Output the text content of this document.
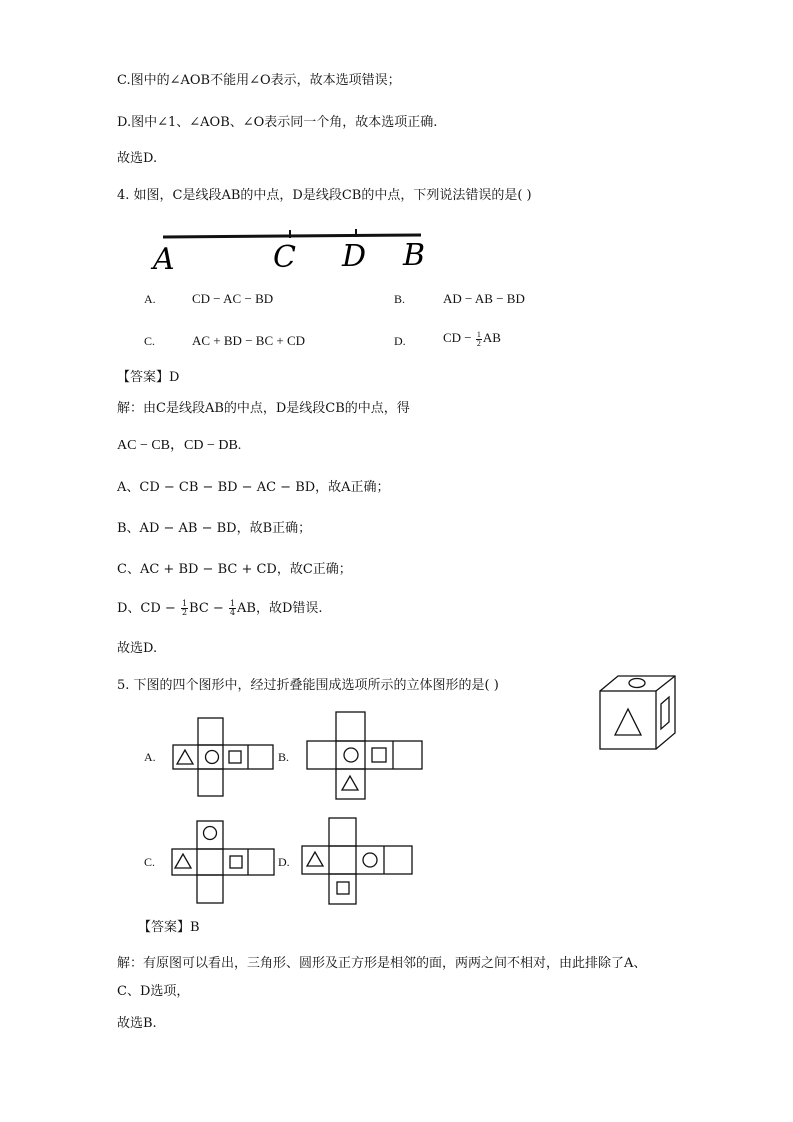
C.图中的∠AOB不能用∠O表示，故本选项错误；
D.图中∠1、∠AOB、∠O表示同一个角，故本选项正确.
故选D.
4. 如图，C是线段AB的中点，D是线段CB的中点，下列说法错误的是( )
A	C D B
A.	CD − AC − BD	B.	AD − AB − BD
C.	AC + BD − BC + CD	D.	CD − $\frac{1}{2}$ AB
【答案】D
解：由C是线段AB的中点，D是线段CB的中点，得
AC − CB，CD − DB.
A、CD − CB − BD − AC − BD，故A正确；
B、AD − AB − BD，故B正确；
C、AC + BD − BC + CD，故C正确；
D、CD − $\frac{1}{2}$ BC − $\frac{1}{4}$ AB，故D错误.
故选D.
5. 下图的四个图形中，经过折叠能围成选项所示的立体图形的是( )
A.	B.
C.	D.
【答案】B
解：有原图可以看出，三角形、圆形及正方形是相邻的面，两两之间不相对，由此排除了A、
C、D选项，
故选B.
